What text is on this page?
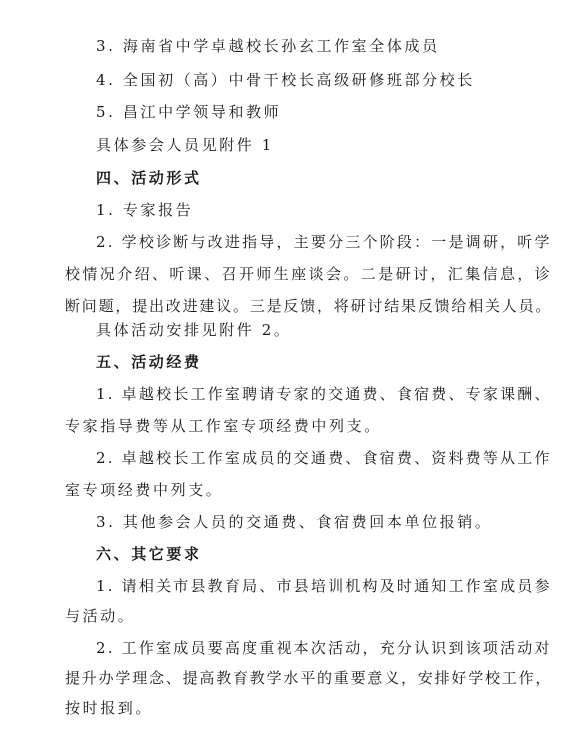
3. 海南省中学卓越校长孙玄工作室全体成员
4. 全国初（高）中骨干校长高级研修班部分校长
5. 昌江中学领导和教师
具体参会人员见附件 1
四、活动形式
1. 专家报告
2. 学校诊断与改进指导，主要分三个阶段：一是调研，听学
校情况介绍、听课、召开师生座谈会。二是研讨，汇集信息，诊
断问题，提出改进建议。三是反馈，将研讨结果反馈给相关人员。
具体活动安排见附件 2。
五、活动经费
1. 卓越校长工作室聘请专家的交通费、食宿费、专家课酬、
专家指导费等从工作室专项经费中列支。
2. 卓越校长工作室成员的交通费、食宿费、资料费等从工作
室专项经费中列支。
3. 其他参会人员的交通费、食宿费回本单位报销。
六、其它要求
1. 请相关市县教育局、市县培训机构及时通知工作室成员参
与活动。
2. 工作室成员要高度重视本次活动，充分认识到该项活动对
提升办学理念、提高教育教学水平的重要意义，安排好学校工作，
按时报到。
